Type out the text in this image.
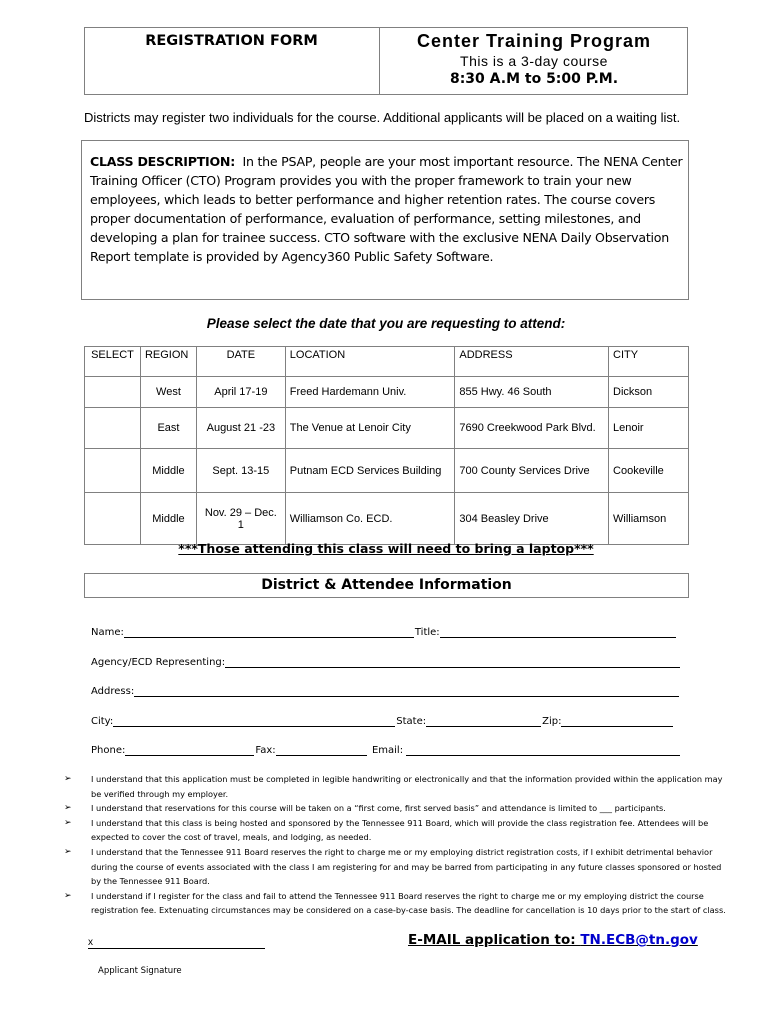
REGISTRATION FORM	Center Training Program
This is a 3-day course
8:30 A.M to 5:00 P.M.
Districts may register two individuals for the course. Additional applicants will be placed on a waiting list.
CLASS DESCRIPTION: In the PSAP, people are your most important resource. The NENA Center Training Officer (CTO) Program provides you with the proper framework to train your new employees, which leads to better performance and higher retention rates. The course covers proper documentation of performance, evaluation of performance, setting milestones, and developing a plan for trainee success. CTO software with the exclusive NENA Daily Observation Report template is provided by Agency360 Public Safety Software.
Please select the date that you are requesting to attend:
SELECT	REGION	DATE	LOCATION	ADDRESS	CITY
	West	April 17-19	Freed Hardemann Univ.	855 Hwy. 46 South	Dickson
	East	August 21 -23	The Venue at Lenoir City	7690 Creekwood Park Blvd.	Lenoir
	Middle	Sept. 13-15	Putnam ECD Services Building	700 County Services Drive	Cookeville
	Middle	Nov. 29 – Dec. 1	Williamson Co. ECD.	304 Beasley Drive	Williamson
***Those attending this class will need to bring a laptop***
District & Attendee Information
Name:	Title:
Agency/ECD Representing:
Address:
City:	State:	Zip:
Phone:	Fax:	Email:
➢	I understand that this application must be completed in legible handwriting or electronically and that the information provided within the application may be verified through my employer.
➢	I understand that reservations for this course will be taken on a “first come, first served basis” and attendance is limited to ___ participants.
➢	I understand that this class is being hosted and sponsored by the Tennessee 911 Board, which will provide the class registration fee. Attendees will be expected to cover the cost of travel, meals, and lodging, as needed.
➢	I understand that the Tennessee 911 Board reserves the right to charge me or my employing district registration costs, if I exhibit detrimental behavior during the course of events associated with the class I am registering for and may be barred from participating in any future classes sponsored or hosted by the Tennessee 911 Board.
➢	I understand if I register for the class and fail to attend the Tennessee 911 Board reserves the right to charge me or my employing district the course registration fee. Extenuating circumstances may be considered on a case-by-case basis. The deadline for cancellation is 10 days prior to the start of class.
x
Applicant Signature
E-MAIL application to: TN.ECB@tn.gov
